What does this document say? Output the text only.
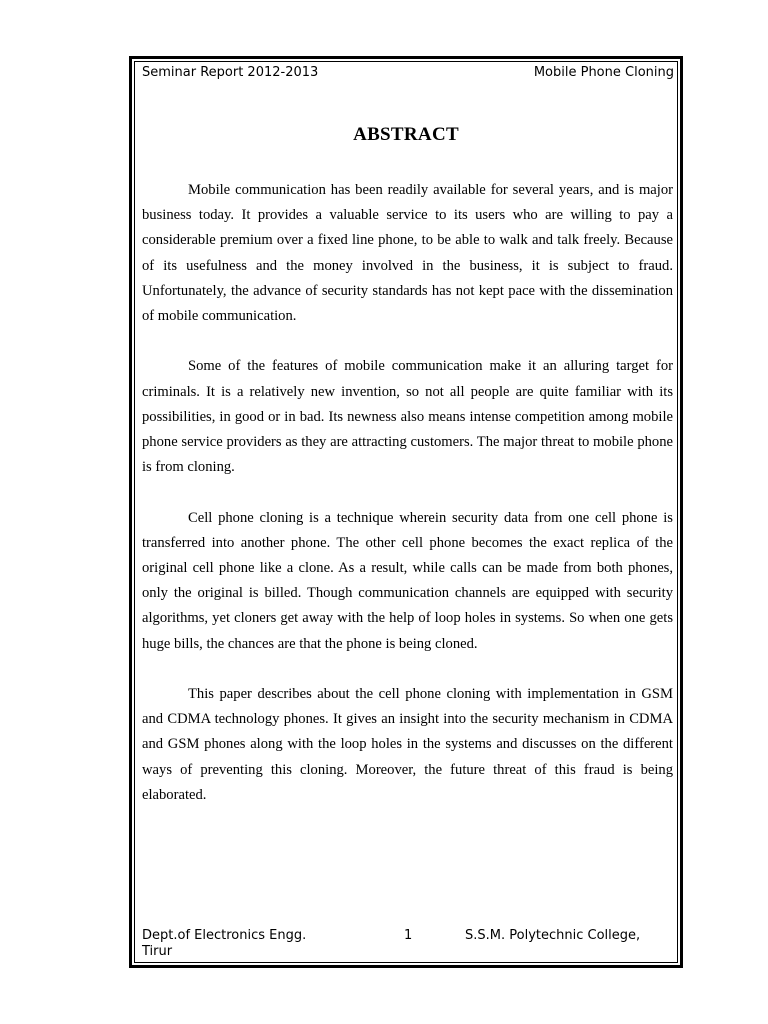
Seminar Report 2012-2013	Mobile Phone Cloning
ABSTRACT

Mobile communication has been readily available for several years, and is major business today. It provides a valuable service to its users who are willing to pay a considerable premium over a fixed line phone, to be able to walk and talk freely. Because of its usefulness and the money involved in the business, it is subject to fraud. Unfortunately, the advance of security standards has not kept pace with the dissemination of mobile communication.

Some of the features of mobile communication make it an alluring target for criminals. It is a relatively new invention, so not all people are quite familiar with its possibilities, in good or in bad. Its newness also means intense competition among mobile phone service providers as they are attracting customers. The major threat to mobile phone is from cloning.

Cell phone cloning is a technique wherein security data from one cell phone is transferred into another phone. The other cell phone becomes the exact replica of the original cell phone like a clone. As a result, while calls can be made from both phones, only the original is billed. Though communication channels are equipped with security algorithms, yet cloners get away with the help of loop holes in systems. So when one gets huge bills, the chances are that the phone is being cloned.

This paper describes about the cell phone cloning with implementation in GSM and CDMA technology phones. It gives an insight into the security mechanism in CDMA and GSM phones along with the loop holes in the systems and discusses on the different ways of preventing this cloning. Moreover, the future threat of this fraud is being elaborated.

Dept.of Electronics Engg.	1	S.S.M. Polytechnic College,
Tirur
